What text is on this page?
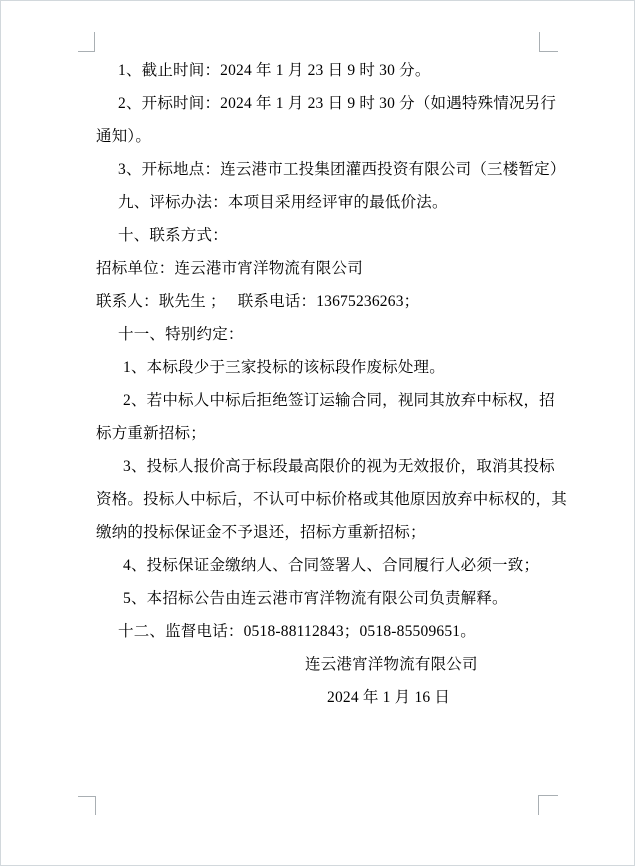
1、截止时间：2024 年 1 月 23 日 9 时 30 分。
2、开标时间：2024 年 1 月 23 日 9 时 30 分（如遇特殊情况另行
通知）。
3、开标地点：连云港市工投集团灌西投资有限公司（三楼暂定）
九、评标办法：本项目采用经评审的最低价法。
十、联系方式：
招标单位：连云港市宵洋物流有限公司
联系人：耿先生 ；　 联系电话：13675236263；
十一、特别约定：
1、本标段少于三家投标的该标段作废标处理。
2、若中标人中标后拒绝签订运输合同，视同其放弃中标权，招
标方重新招标；
3、投标人报价高于标段最高限价的视为无效报价，取消其投标
资格。投标人中标后，不认可中标价格或其他原因放弃中标权的，其
缴纳的投标保证金不予退还，招标方重新招标；
4、投标保证金缴纳人、合同签署人、合同履行人必须一致；
5、本招标公告由连云港市宵洋物流有限公司负责解释。
十二、监督电话：0518-88112843；0518-85509651。
连云港宵洋物流有限公司
2024 年 1 月 16 日
